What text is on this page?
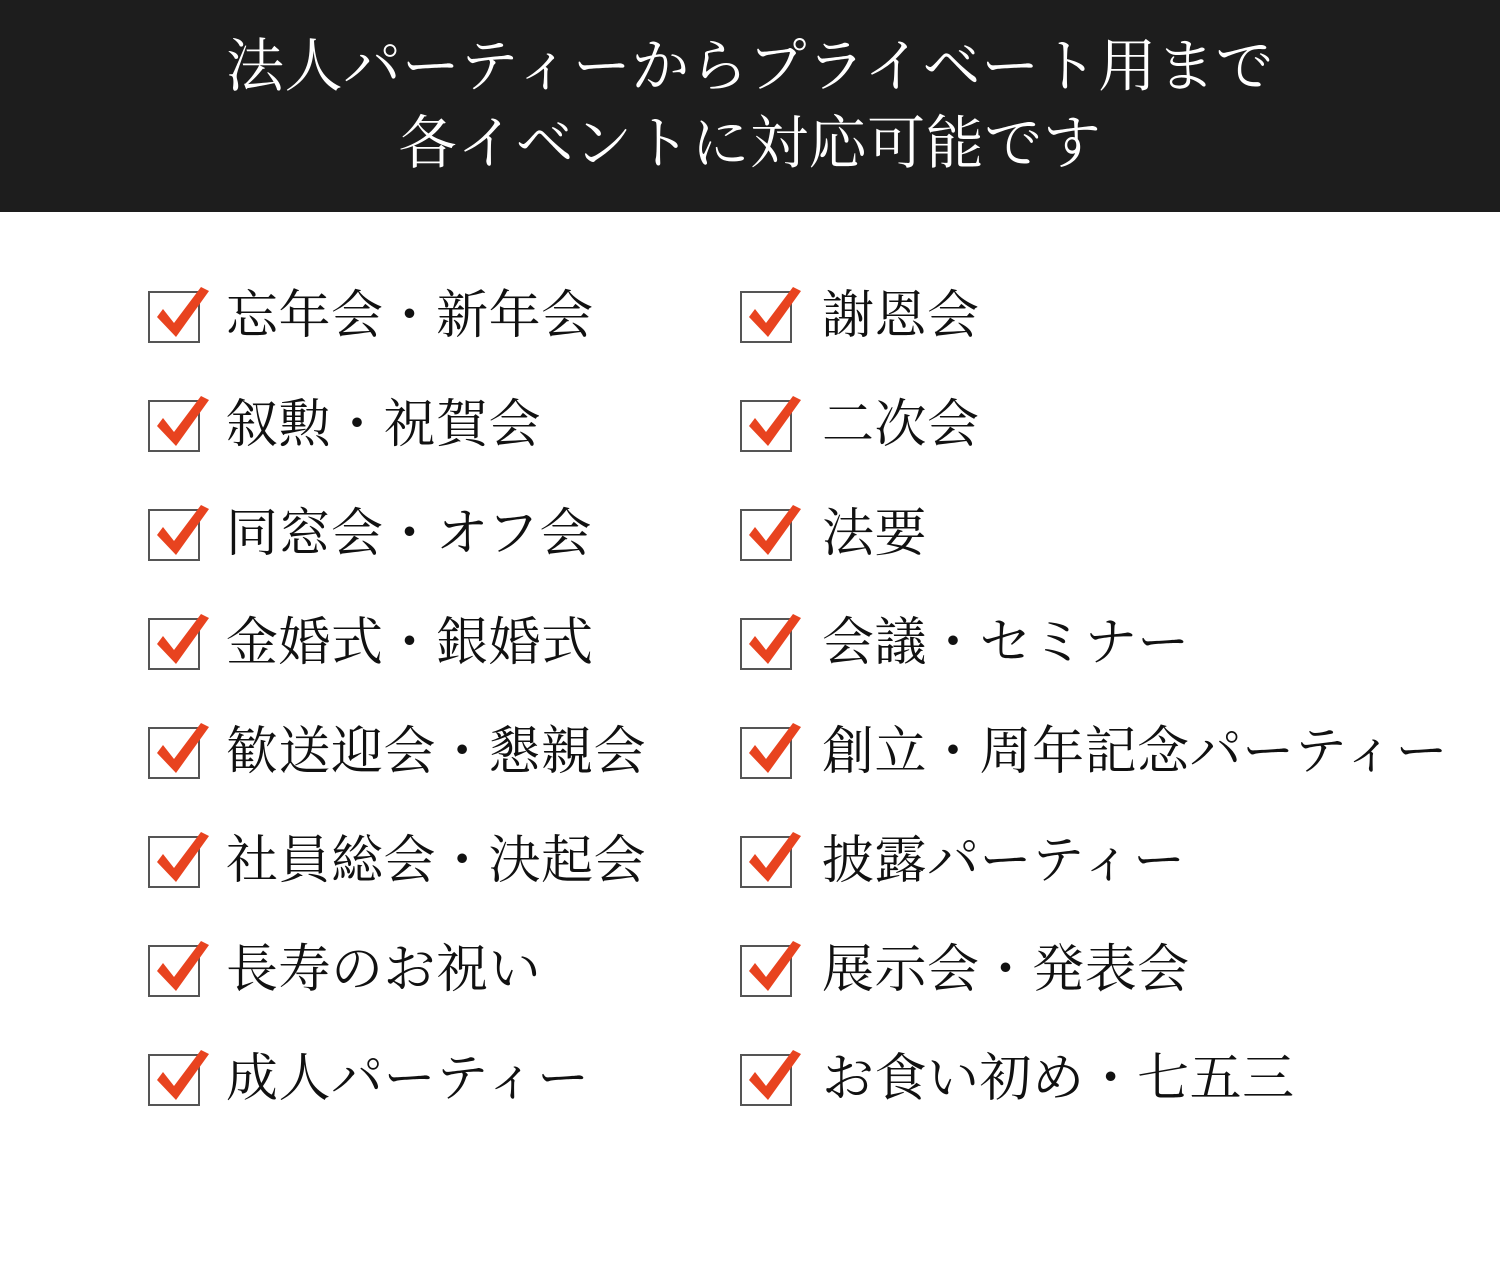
法人パーティーからプライベート用まで
各イベントに対応可能です
忘年会・新年会
叙勲・祝賀会
同窓会・オフ会
金婚式・銀婚式
歓送迎会・懇親会
社員総会・決起会
長寿のお祝い
成人パーティー
謝恩会
二次会
法要
会議・セミナー
創立・周年記念パーティー
披露パーティー
展示会・発表会
お食い初め・七五三
